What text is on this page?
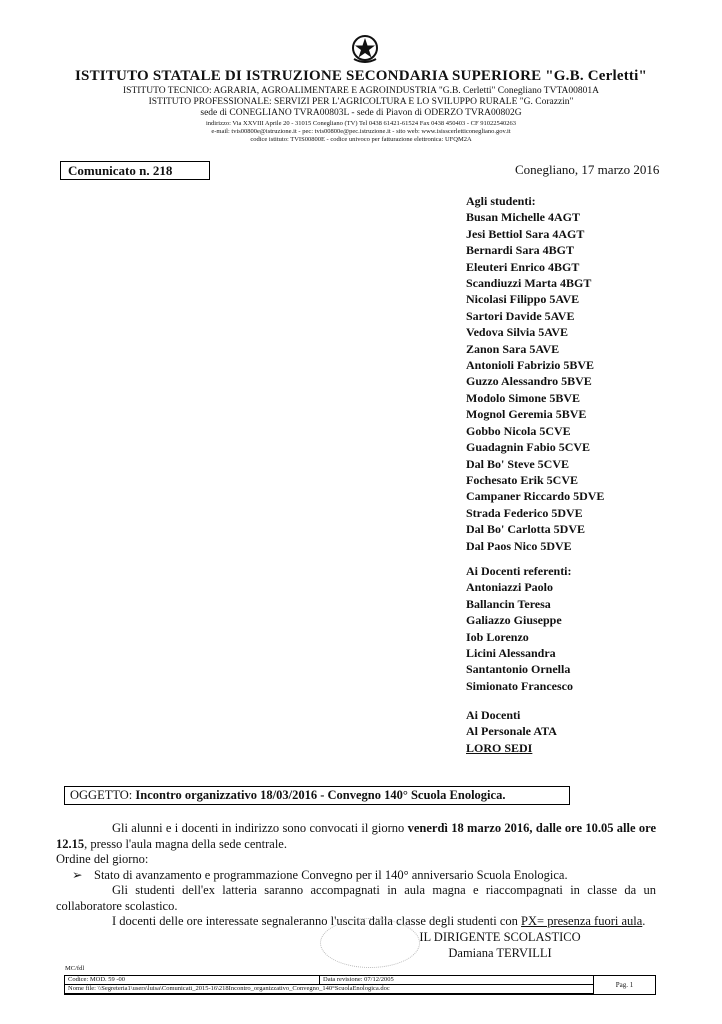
ISTITUTO STATALE DI ISTRUZIONE SECONDARIA SUPERIORE "G.B. Cerletti"
ISTITUTO TECNICO: AGRARIA, AGROALIMENTARE E AGROINDUSTRIA "G.B. Cerletti" Conegliano TVTA00801A
ISTITUTO PROFESSIONALE: SERVIZI PER L'AGRICOLTURA E LO SVILUPPO RURALE "G. Corazzin"
sede di CONEGLIANO TVRA00803L - sede di Piavon di ODERZO TVRA00802G
indirizzo: Via XXVIII Aprile 20 - 31015 Conegliano (TV) Tel 0438 61421-61524 Fax 0438 450403 - CF 91022540263
e-mail: tvis00800e@istruzione.it - pec: tvis00800e@pec.istruzione.it - sito web: www.isisscerletticonegliano.gov.it
codice istituto: TVIS00800E - codice univoco per fatturazione elettronica: UFQM2A
Comunicato n. 218	Conegliano, 17 marzo 2016
Agli studenti:
Busan Michelle 4AGT
Jesi Bettiol Sara 4AGT
Bernardi Sara 4BGT
Eleuteri Enrico 4BGT
Scandiuzzi Marta 4BGT
Nicolasi Filippo 5AVE
Sartori Davide 5AVE
Vedova Silvia 5AVE
Zanon Sara 5AVE
Antonioli Fabrizio 5BVE
Guzzo Alessandro 5BVE
Modolo Simone 5BVE
Mognol Geremia 5BVE
Gobbo Nicola 5CVE
Guadagnin Fabio 5CVE
Dal Bo' Steve 5CVE
Fochesato Erik 5CVE
Campaner Riccardo 5DVE
Strada Federico 5DVE
Dal Bo' Carlotta 5DVE
Dal Paos Nico 5DVE
Ai Docenti referenti:
Antoniazzi Paolo
Ballancin Teresa
Galiazzo Giuseppe
Iob Lorenzo
Licini Alessandra
Santantonio Ornella
Simionato Francesco
Ai Docenti
Al Personale ATA
LORO SEDI
OGGETTO: Incontro organizzativo 18/03/2016 - Convegno 140° Scuola Enologica.

Gli alunni e i docenti in indirizzo sono convocati il giorno venerdì 18 marzo 2016, dalle ore 10.05 alle ore 12.15, presso l'aula magna della sede centrale.

Ordine del giorno:

➢ Stato di avanzamento e programmazione Convegno per il 140° anniversario Scuola Enologica.

Gli studenti dell'ex latteria saranno accompagnati in aula magna e riaccompagnati in classe da un collaboratore scolastico.

I docenti delle ore interessate segnaleranno l'uscita dalla classe degli studenti con PX= presenza fuori aula.

IL DIRIGENTE SCOLASTICO
Damiana TERVILLI
MC/fdl
Codice: MOD. 59 -00	Data revisione: 07/12/2005
Nome file: \\Segreteria1\users\luisa\Comunicati_2015-16\218Incontro_organizzativo_Convegno_140°ScuolaEnologica.doc	Pag. 1
